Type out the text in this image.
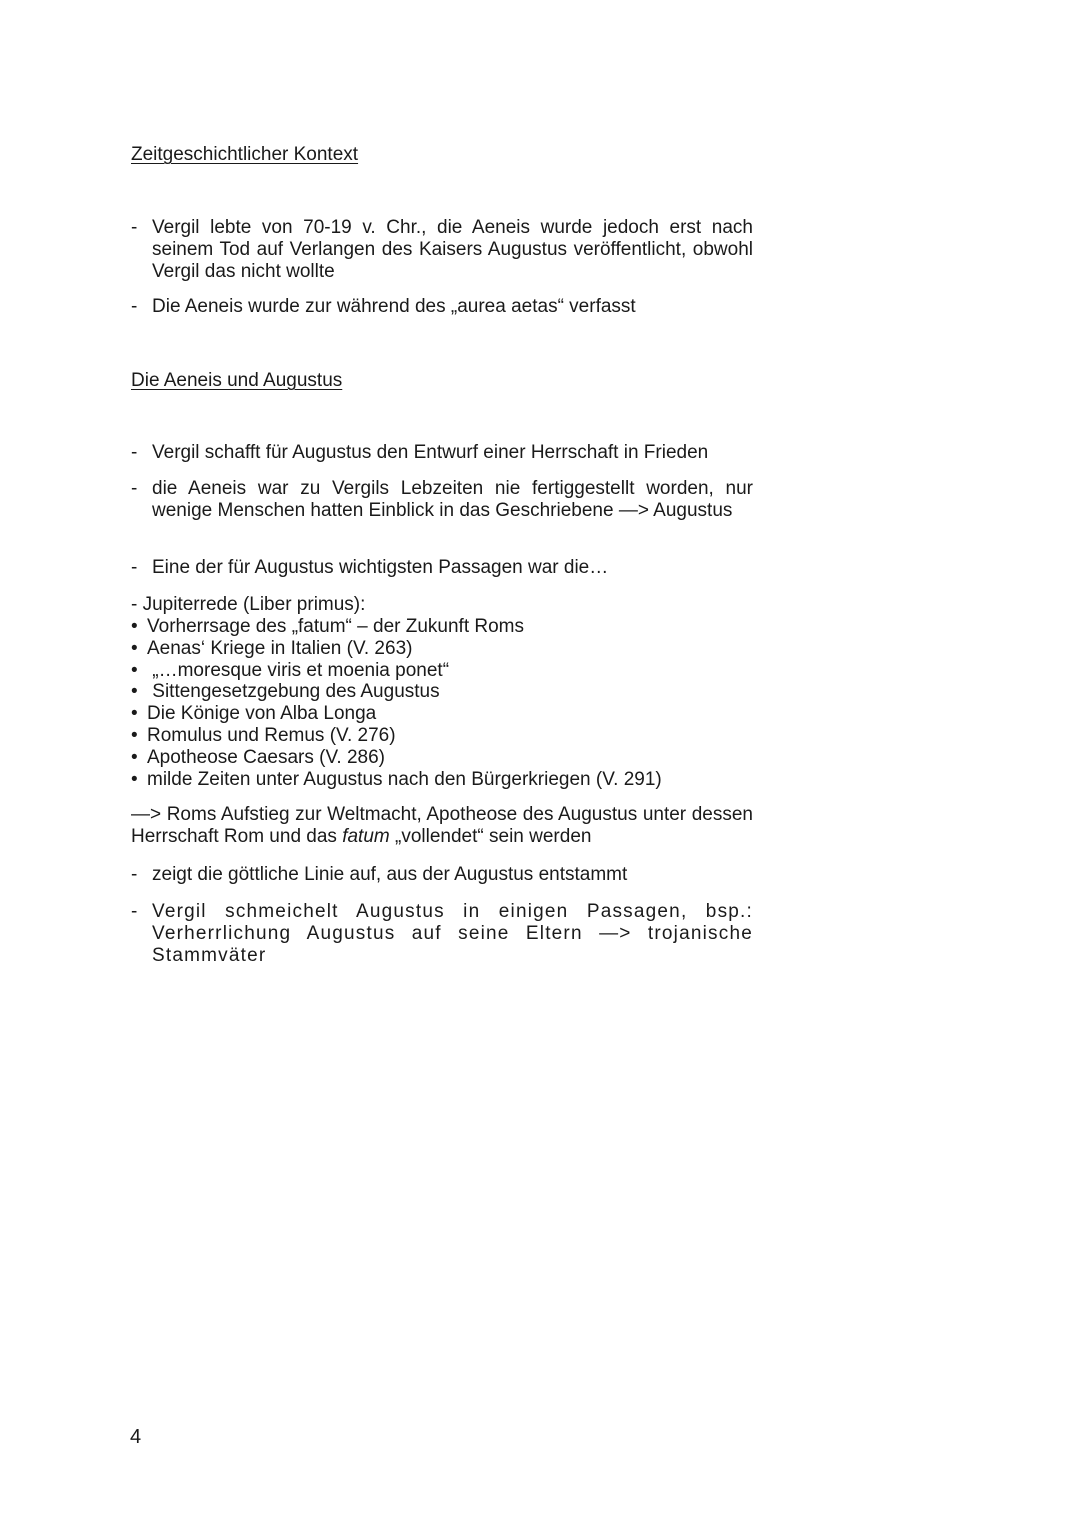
Zeitgeschichtlicher Kontext
- Vergil lebte von 70-19 v. Chr., die Aeneis wurde jedoch erst nach seinem Tod auf Verlangen des Kaisers Augustus veröffentlicht, obwohl Vergil das nicht wollte
- Die Aeneis wurde zur während des „aurea aetas“ verfasst
Die Aeneis und Augustus
- Vergil schafft für Augustus den Entwurf einer Herrschaft in Frieden
- die Aeneis war zu Vergils Lebzeiten nie fertiggestellt worden, nur wenige Menschen hatten Einblick in das Geschriebene —> Augustus
- Eine der für Augustus wichtigsten Passagen war die…
- Jupiterrede (Liber primus):
• Vorherrsage des „fatum“ – der Zukunft Roms
• Aenas‘ Kriege in Italien (V. 263)
• „…moresque viris et moenia ponet“
• Sittengesetzgebung des Augustus
• Die Könige von Alba Longa
• Romulus und Remus (V. 276)
• Apotheose Caesars (V. 286)
• milde Zeiten unter Augustus nach den Bürgerkriegen (V. 291)
—> Roms Aufstieg zur Weltmacht, Apotheose des Augustus unter dessen Herrschaft Rom und das fatum „vollendet“ sein werden
- zeigt die göttliche Linie auf, aus der Augustus entstammt
- Vergil schmeichelt Augustus in einigen Passagen, bsp.: Verherrlichung Augustus auf seine Eltern —> trojanische Stammväter
4
